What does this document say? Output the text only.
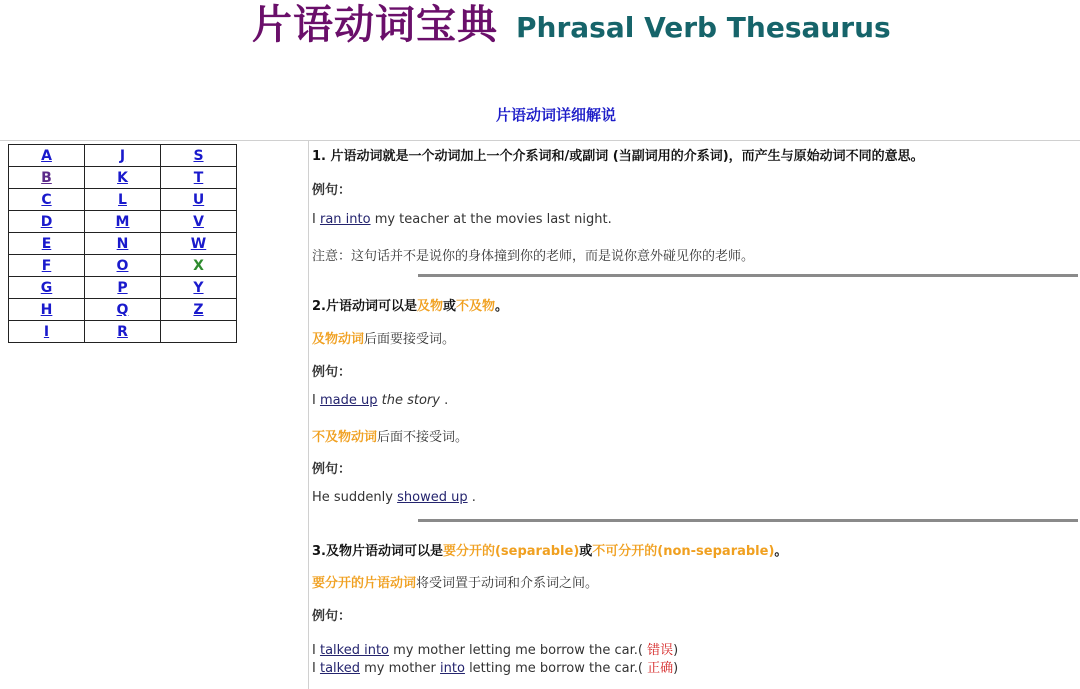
片语动词宝典 Phrasal Verb Thesaurus
片语动词详细解说
A	J	S
B	K	T
C	L	U
D	M	V
E	N	W
F	O	X
G	P	Y
H	Q	Z
I	R	
1. 片语动词就是一个动词加上一个介系词和/或副词 (当副词用的介系词)，而产生与原始动词不同的意思。
例句：
I ran into my teacher at the movies last night.
注意：这句话并不是说你的身体撞到你的老师，而是说你意外碰见你的老师。
2.片语动词可以是及物或不及物。
及物动词后面要接受词。
例句：
I made up the story .
不及物动词后面不接受词。
例句：
He suddenly showed up .
3.及物片语动词可以是要分开的(separable)或不可分开的(non-separable)。
要分开的片语动词将受词置于动词和介系词之间。
例句：
I talked into my mother letting me borrow the car.( 错误)
I talked my mother into letting me borrow the car.( 正确)
